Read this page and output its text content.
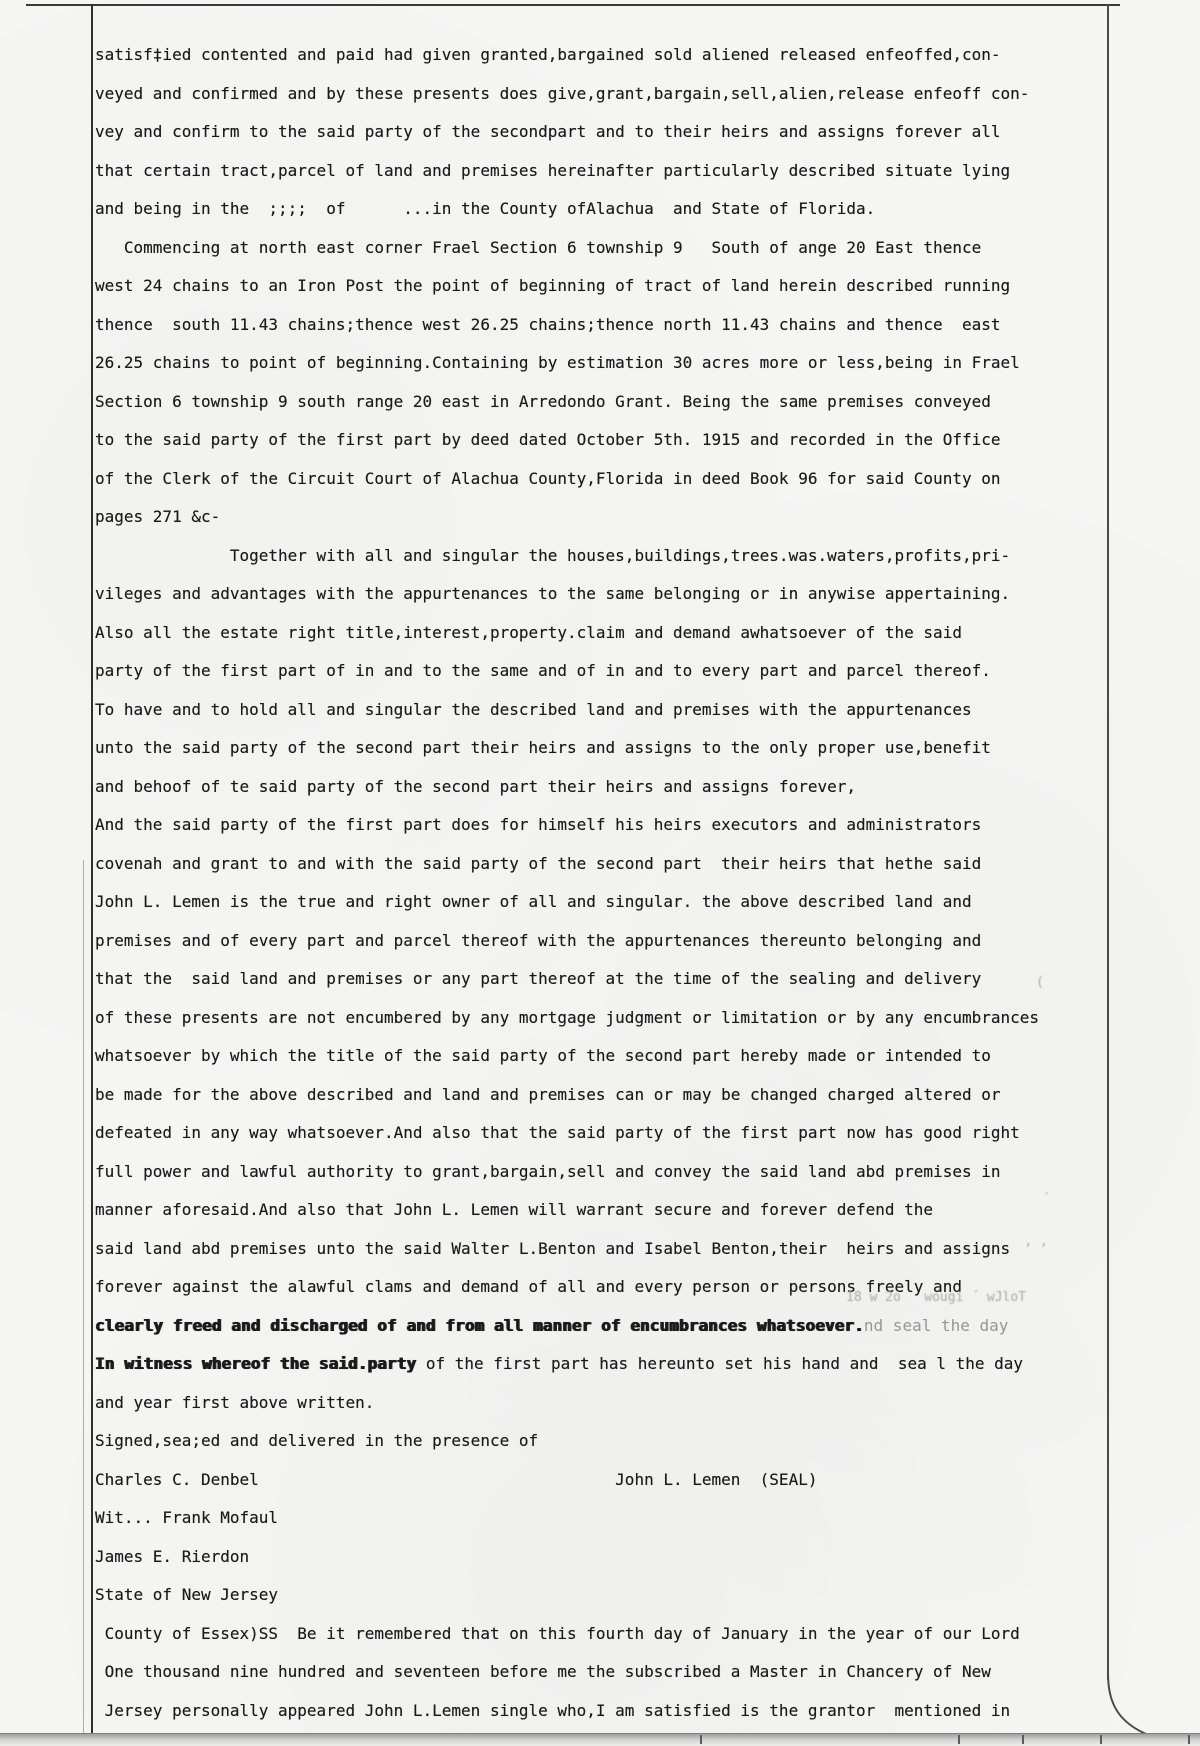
satisf‡ied contented and paid had given granted,bargained sold aliened released enfeoffed,con-
veyed and confirmed and by these presents does give,grant,bargain,sell,alien,release enfeoff con-
vey and confirm to the said party of the secondpart and to their heirs and assigns forever all
that certain tract,parcel of land and premises hereinafter particularly described situate lying
and being in the  ;;;;  of      ...in the County ofAlachua  and State of Florida.
Commencing at north east corner Frael Section 6 township 9   South of ange 20 East thence
west 24 chains to an Iron Post the point of beginning of tract of land herein described running
thence  south 11.43 chains;thence west 26.25 chains;thence north 11.43 chains and thence  east
26.25 chains to point of beginning.Containing by estimation 30 acres more or less,being in Frael
Section 6 township 9 south range 20 east in Arredondo Grant. Being the same premises conveyed
to the said party of the first part by deed dated October 5th. 1915 and recorded in the Office
of the Clerk of the Circuit Court of Alachua County,Florida in deed Book 96 for said County on
pages 271 &c-
Together with all and singular the houses,buildings,trees.was.waters,profits,pri-
vileges and advantages with the appurtenances to the same belonging or in anywise appertaining.
Also all the estate right title,interest,property.claim and demand awhatsoever of the said
party of the first part of in and to the same and of in and to every part and parcel thereof.
To have and to hold all and singular the described land and premises with the appurtenances
unto the said party of the second part their heirs and assigns to the only proper use,benefit
and behoof of te said party of the second part their heirs and assigns forever,
And the said party of the first part does for himself his heirs executors and administrators
covenah and grant to and with the said party of the second part  their heirs that hethe said
John L. Lemen is the true and right owner of all and singular. the above described land and
premises and of every part and parcel thereof with the appurtenances thereunto belonging and
that the  said land and premises or any part thereof at the time of the sealing and delivery
of these presents are not encumbered by any mortgage judgment or limitation or by any encumbrances
whatsoever by which the title of the said party of the second part hereby made or intended to
be made for the above described and land and premises can or may be changed charged altered or
defeated in any way whatsoever.And also that the said party of the first part now has good right
full power and lawful authority to grant,bargain,sell and convey the said land abd premises in
manner aforesaid.And also that John L. Lemen will warrant secure and forever defend the
said land abd premises unto the said Walter L.Benton and Isabel Benton,their  heirs and assigns
forever against the alawful clams and demand of all and every person or persons freely and
clearly freed and discharged of and from all manner of encumbrances whatsoever.nd seal the day
In witness whereof the said.party of the first part has hereunto set his hand and  sea l the day
and year first above written.
Signed,sea;ed and delivered in the presence of
Charles C. Denbel                                     John L. Lemen  (SEAL)
Wit... Frank Mofaul
James E. Rierdon
State of New Jersey
County of Essex)SS  Be it remembered that on this fourth day of January in the year of our Lord
One thousand nine hundred and seventeen before me the subscribed a Master in Chancery of New
Jersey personally appeared John L.Lemen single who,I am satisfied is the grantor  mentioned in
(
18 w 2o   wougi ´ wJloT
’ ’
´
